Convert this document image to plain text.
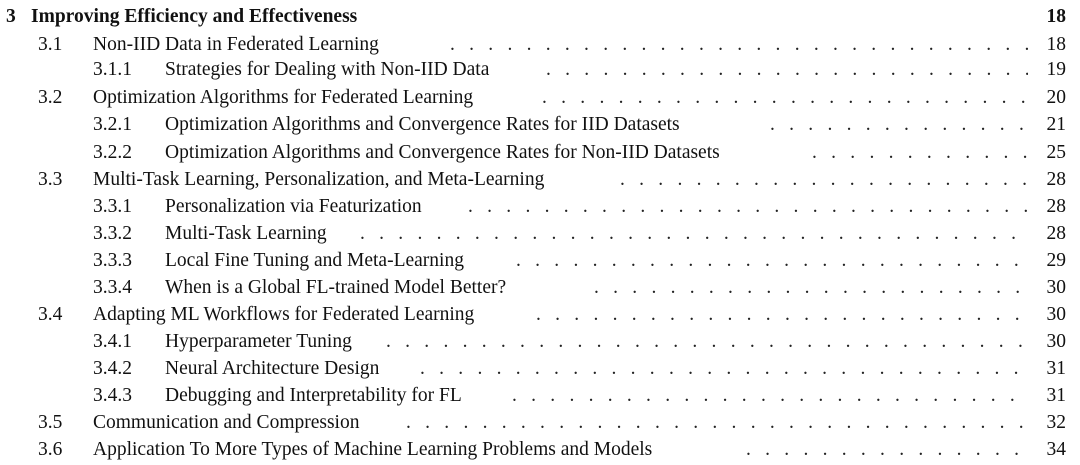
3 Improving Efficiency and Effectiveness	18
3.1 Non-IID Data in Federated Learning . . .	18
3.1.1 Strategies for Dealing with Non-IID Data . . .	19
3.2 Optimization Algorithms for Federated Learning . . .	20
3.2.1 Optimization Algorithms and Convergence Rates for IID Datasets . . .	21
3.2.2 Optimization Algorithms and Convergence Rates for Non-IID Datasets . . .	25
3.3 Multi-Task Learning, Personalization, and Meta-Learning . . .	28
3.3.1 Personalization via Featurization . . .	28
3.3.2 Multi-Task Learning . . .	28
3.3.3 Local Fine Tuning and Meta-Learning . . .	29
3.3.4 When is a Global FL-trained Model Better? . . .	30
3.4 Adapting ML Workflows for Federated Learning . . .	30
3.4.1 Hyperparameter Tuning . . .	30
3.4.2 Neural Architecture Design . . .	31
3.4.3 Debugging and Interpretability for FL . . .	31
3.5 Communication and Compression . . .	32
3.6 Application To More Types of Machine Learning Problems and Models . . .	34
